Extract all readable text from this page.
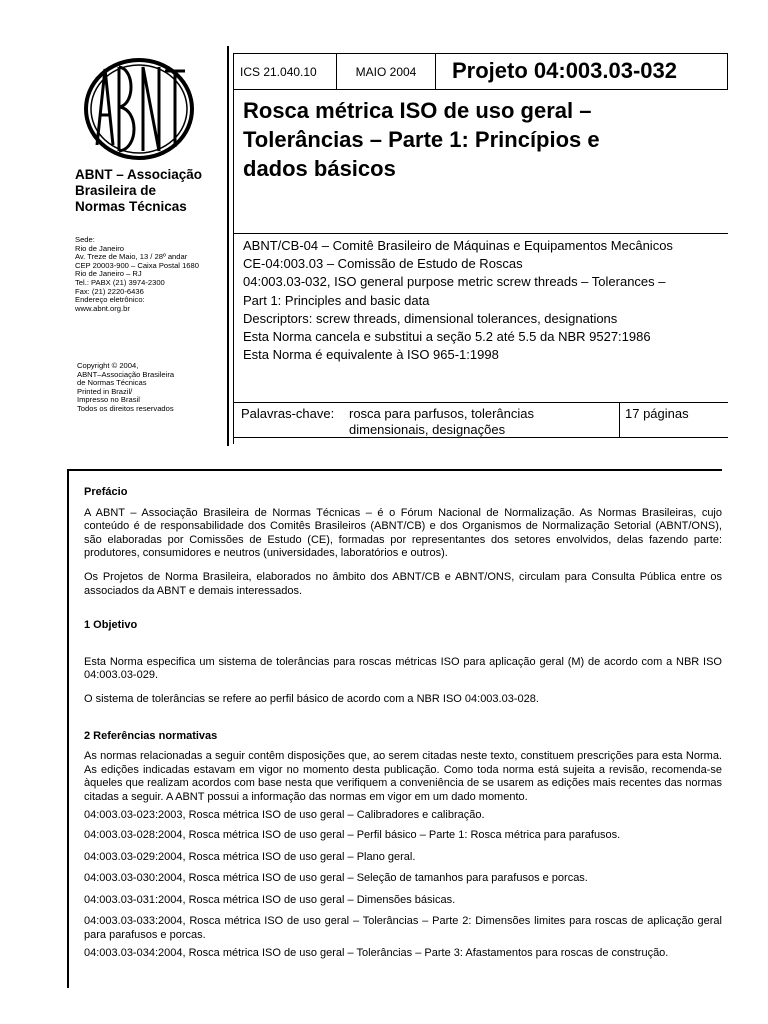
ABNT – Associação
Brasileira de
Normas Técnicas
Sede:
Rio de Janeiro
Av. Treze de Maio, 13 / 28º andar
CEP 20003-900 – Caixa Postal 1680
Rio de Janeiro – RJ
Tel.: PABX (21) 3974-2300
Fax: (21) 2220-6436
Endereço eletrônico:
www.abnt.org.br
Copyright © 2004,
ABNT–Associação Brasileira
de Normas Técnicas
Printed in Brazil/
Impresso no Brasil
Todos os direitos reservados
ICS 21.040.10	MAIO 2004 Projeto 04:003.03-032
Rosca métrica ISO de uso geral –
Tolerâncias – Parte 1: Princípios e
dados básicos
ABNT/CB-04 – Comitê Brasileiro de Máquinas e Equipamentos Mecânicos
CE-04:003.03 – Comissão de Estudo de Roscas
04:003.03-032, ISO general purpose metric screw threads – Tolerances –
Part 1: Principles and basic data
Descriptors: screw threads, dimensional tolerances, designations
Esta Norma cancela e substitui a seção 5.2 até 5.5 da NBR 9527:1986
Esta Norma é equivalente à ISO 965-1:1998
Palavras-chave: rosca para parfusos, tolerâncias
dimensionais, designações
17 páginas

Prefácio

A ABNT – Associação Brasileira de Normas Técnicas – é o Fórum Nacional de Normalização. As Normas Brasileiras, cujo conteúdo é de responsabilidade dos Comitês Brasileiros (ABNT/CB) e dos Organismos de Normalização Setorial (ABNT/ONS), são elaboradas por Comissões de Estudo (CE), formadas por representantes dos setores envolvidos, delas fazendo parte: produtores, consumidores e neutros (universidades, laboratórios e outros).

Os Projetos de Norma Brasileira, elaborados no âmbito dos ABNT/CB e ABNT/ONS, circulam para Consulta Pública entre os associados da ABNT e demais interessados.

1 Objetivo

Esta Norma especifica um sistema de tolerâncias para roscas métricas ISO para aplicação geral (M) de acordo com a NBR ISO 04:003.03-029.

O sistema de tolerâncias se refere ao perfil básico de acordo com a NBR ISO 04:003.03-028.

2 Referências normativas

As normas relacionadas a seguir contêm disposições que, ao serem citadas neste texto, constituem prescrições para esta Norma. As edições indicadas estavam em vigor no momento desta publicação. Como toda norma está sujeita a revisão, recomenda-se àqueles que realizam acordos com base nesta que verifiquem a conveniência de se usarem as edições mais recentes das normas citadas a seguir. A ABNT possui a informação das normas em vigor em um dado momento.

04:003.03-023:2003, Rosca métrica ISO de uso geral – Calibradores e calibração.

04:003.03-028:2004, Rosca métrica ISO de uso geral – Perfil básico – Parte 1: Rosca métrica para parafusos.

04:003.03-029:2004, Rosca métrica ISO de uso geral – Plano geral.

04:003.03-030:2004, Rosca métrica ISO de uso geral – Seleção de tamanhos para parafusos e porcas.

04:003.03-031:2004, Rosca métrica ISO de uso geral – Dimensões básicas.

04:003.03-033:2004, Rosca métrica ISO de uso geral – Tolerâncias – Parte 2: Dimensões limites para roscas de aplicação geral para parafusos e porcas.

04:003.03-034:2004, Rosca métrica ISO de uso geral – Tolerâncias – Parte 3: Afastamentos para roscas de construção.
